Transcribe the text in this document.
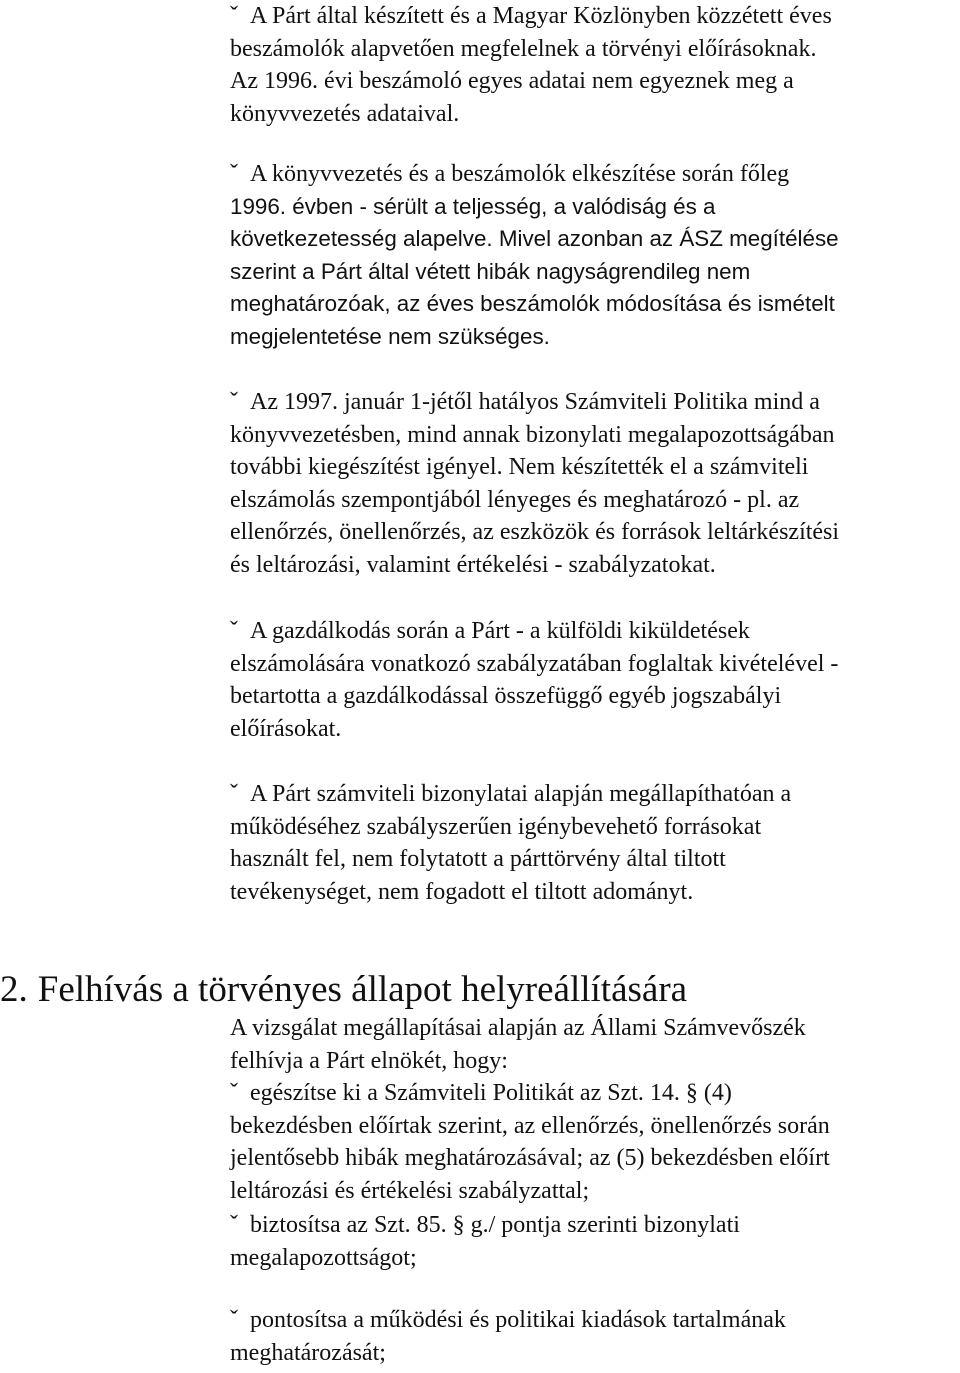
ˇ A Párt által készített és a Magyar Közlönyben közzétett éves
beszámolók alapvetően megfelelnek a törvényi előírásoknak.
Az 1996. évi beszámoló egyes adatai nem egyeznek meg a
könyvvezetés adataival.

ˇ A könyvvezetés és a beszámolók elkészítése során főleg
1996. évben - sérült a teljesség, a valódiság és a
következetesség alapelve. Mivel azonban az ÁSZ megítélése
szerint a Párt által vétett hibák nagyságrendileg nem
meghatározóak, az éves beszámolók módosítása és ismételt
megjelentetése nem szükséges.

ˇ Az 1997. január 1-jétől hatályos Számviteli Politika mind a
könyvvezetésben, mind annak bizonylati megalapozottságában
további kiegészítést igényel. Nem készítették el a számviteli
elszámolás szempontjából lényeges és meghatározó - pl. az
ellenőrzés, önellenőrzés, az eszközök és források leltárkészítési
és leltározási, valamint értékelési - szabályzatokat.

ˇ A gazdálkodás során a Párt - a külföldi kiküldetések
elszámolására vonatkozó szabályzatában foglaltak kivételével -
betartotta a gazdálkodással összefüggő egyéb jogszabályi
előírásokat.

ˇ A Párt számviteli bizonylatai alapján megállapíthatóan a
működéséhez szabályszerűen igénybevehető forrásokat
használt fel, nem folytatott a párttörvény által tiltott
tevékenységet, nem fogadott el tiltott adományt.

2. Felhívás a törvényes állapot helyreállítására

A vizsgálat megállapításai alapján az Állami Számvevőszék
felhívja a Párt elnökét, hogy:

ˇ egészítse ki a Számviteli Politikát az Szt. 14. § (4)
bekezdésben előírtak szerint, az ellenőrzés, önellenőrzés során
jelentősebb hibák meghatározásával; az (5) bekezdésben előírt
leltározási és értékelési szabályzattal;

ˇ biztosítsa az Szt. 85. § g./ pontja szerinti bizonylati
megalapozottságot;

ˇ pontosítsa a működési és politikai kiadások tartalmának
meghatározását;
